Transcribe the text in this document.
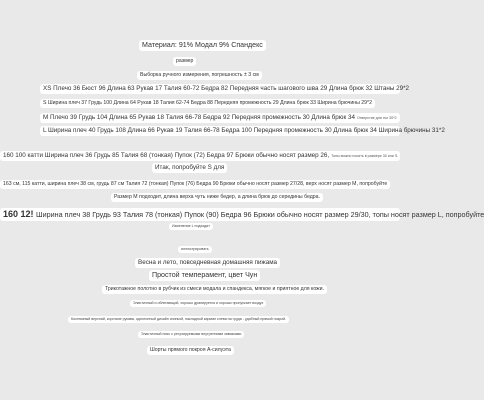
Материал: 91% Модал 9% Спандекс
размер
Выборка ручного измерения, погрешность ± 3 см
XS Плечо 36 Бюст 96 Длина 63 Рукав 17 Талия 60-72 Бедра 82 Передняя часть шагового шва 29 Длина брюк 32 Штаны 29*2
S Ширина плеч 37 Грудь 100 Длина 64 Рукав 18 Талия 62-74 Бедра 88 Передняя промежность 29 Длина брюк 33 Ширина брючины 29*2
M Плечо 39 Грудь 104 Длина 65 Рукав 18 Талия 66-78 Бедра 92 Передняя промежность 30 Длина брюк 34 Отверстие для ног 30*2
L Ширина плеч 40 Грудь 108 Длина 66 Рукав 19 Талия 66-78 Бедра 100 Передняя промежность 30 Длина брюк 34 Ширина брючины 31*2
160 100 катти Ширина плеч 36 Грудь 85 Талия 68 (тонкая) Пупок (72) Бедра 97 Брюки обычно носят размер 26, Топы можно носить в размере 30 или S.
Итак, попробуйте S для
163 см, 115 катти, ширина плеч 38 см, грудь 87 см Талия 72 (тонкая) Пупок (76) Бедра 90 Брюки обычно носят размер 27/28, верх носят размер M, попробуйте
Размер M подходит, длина верха чуть ниже бедер, а длина брюк до середины бедра.
160 12! Ширина плеч 38 Грудь 93 Талия 78 (тонкая) Пупок (90) Бедра 96 Брюки обычно носят размер 29/30, топы носят размер L, попробуйте
Изменение L подходит
иллюстрировать
Весна и лето, повседневная домашняя пижама
Простой темперамент, цвет Чун
Трикотажное полотно в рубчик из смеси модала и спандекса, мягкое и приятное для кожи.
Эластичный и облегающий, хорошо драпируется и хорошо пропускает воздух
Костюмный верхний, короткие рукава, однотонный дизайн спинкой, накладной карман слева на груди - удобный прямой покрой.
Эластичный пояс с регулируемыми внутренними завязками
Шорты прямого покроя A-силуэта
